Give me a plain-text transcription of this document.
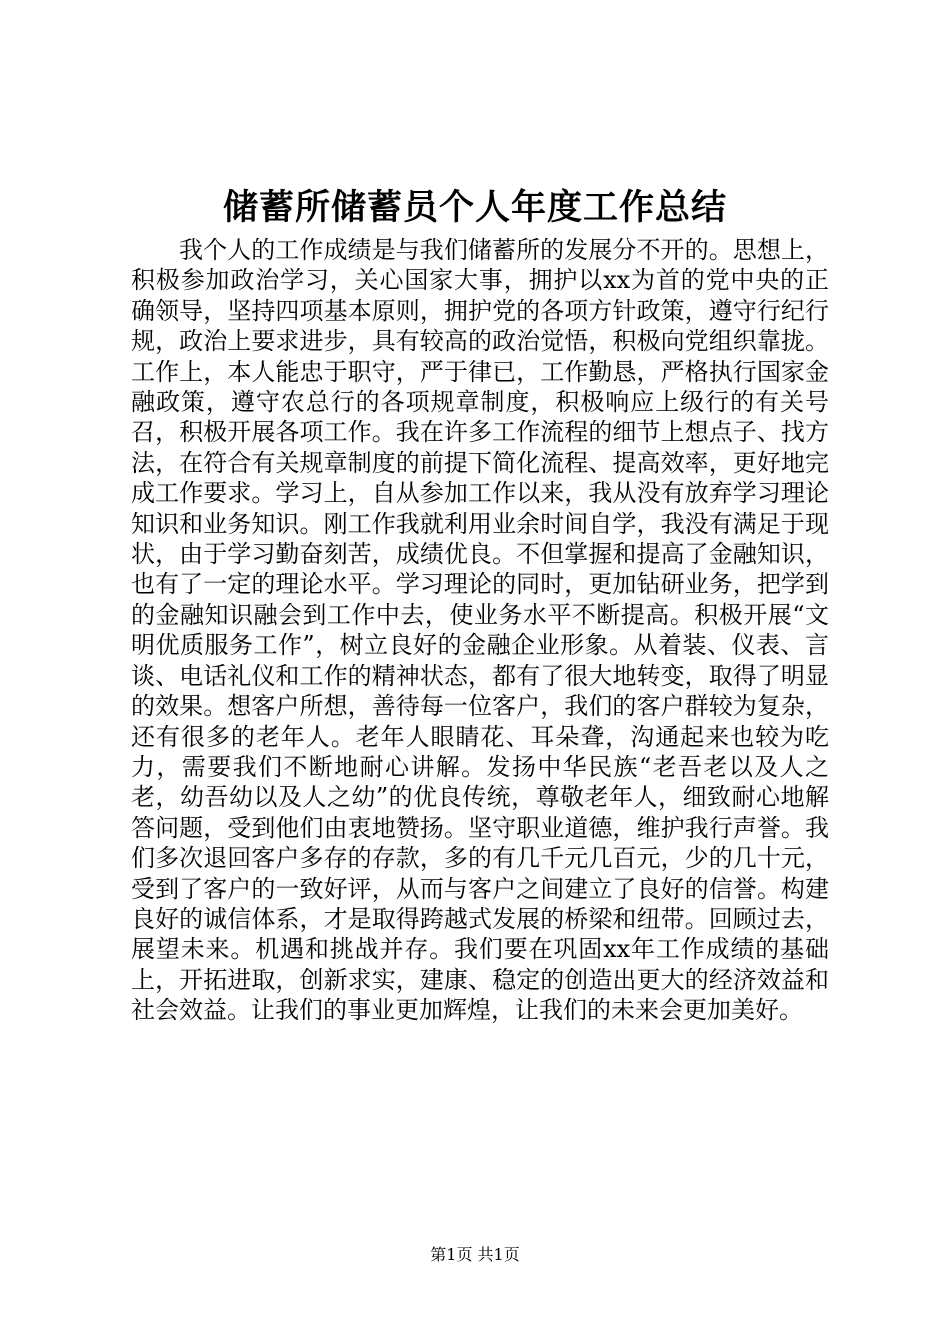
储蓄所储蓄员个人年度工作总结

我个人的工作成绩是与我们储蓄所的发展分不开的。思想上，积极参加政治学习，关心国家大事，拥护以xx为首的党中央的正确领导，坚持四项基本原则，拥护党的各项方针政策，遵守行纪行规，政治上要求进步，具有较高的政治觉悟，积极向党组织靠拢。工作上，本人能忠于职守，严于律已，工作勤恳，严格执行国家金融政策，遵守农总行的各项规章制度，积极响应上级行的有关号召，积极开展各项工作。我在许多工作流程的细节上想点子、找方法，在符合有关规章制度的前提下简化流程、提高效率，更好地完成工作要求。学习上，自从参加工作以来，我从没有放弃学习理论知识和业务知识。刚工作我就利用业余时间自学，我没有满足于现状，由于学习勤奋刻苦，成绩优良。不但掌握和提高了金融知识，也有了一定的理论水平。学习理论的同时，更加钻研业务，把学到的金融知识融会到工作中去，使业务水平不断提高。积极开展“文明优质服务工作”，树立良好的金融企业形象。从着装、仪表、言谈、电话礼仪和工作的精神状态，都有了很大地转变，取得了明显的效果。想客户所想，善待每一位客户，我们的客户群较为复杂，还有很多的老年人。老年人眼睛花、耳朵聋，沟通起来也较为吃力，需要我们不断地耐心讲解。发扬中华民族“老吾老以及人之老，幼吾幼以及人之幼”的优良传统，尊敬老年人，细致耐心地解答问题，受到他们由衷地赞扬。坚守职业道德，维护我行声誉。我们多次退回客户多存的存款，多的有几千元几百元，少的几十元，受到了客户的一致好评，从而与客户之间建立了良好的信誉。构建良好的诚信体系，才是取得跨越式发展的桥梁和纽带。回顾过去，展望未来。机遇和挑战并存。我们要在巩固xx年工作成绩的基础上，开拓进取，创新求实，建康、稳定的创造出更大的经济效益和社会效益。让我们的事业更加辉煌，让我们的未来会更加美好。

第1页 共1页
